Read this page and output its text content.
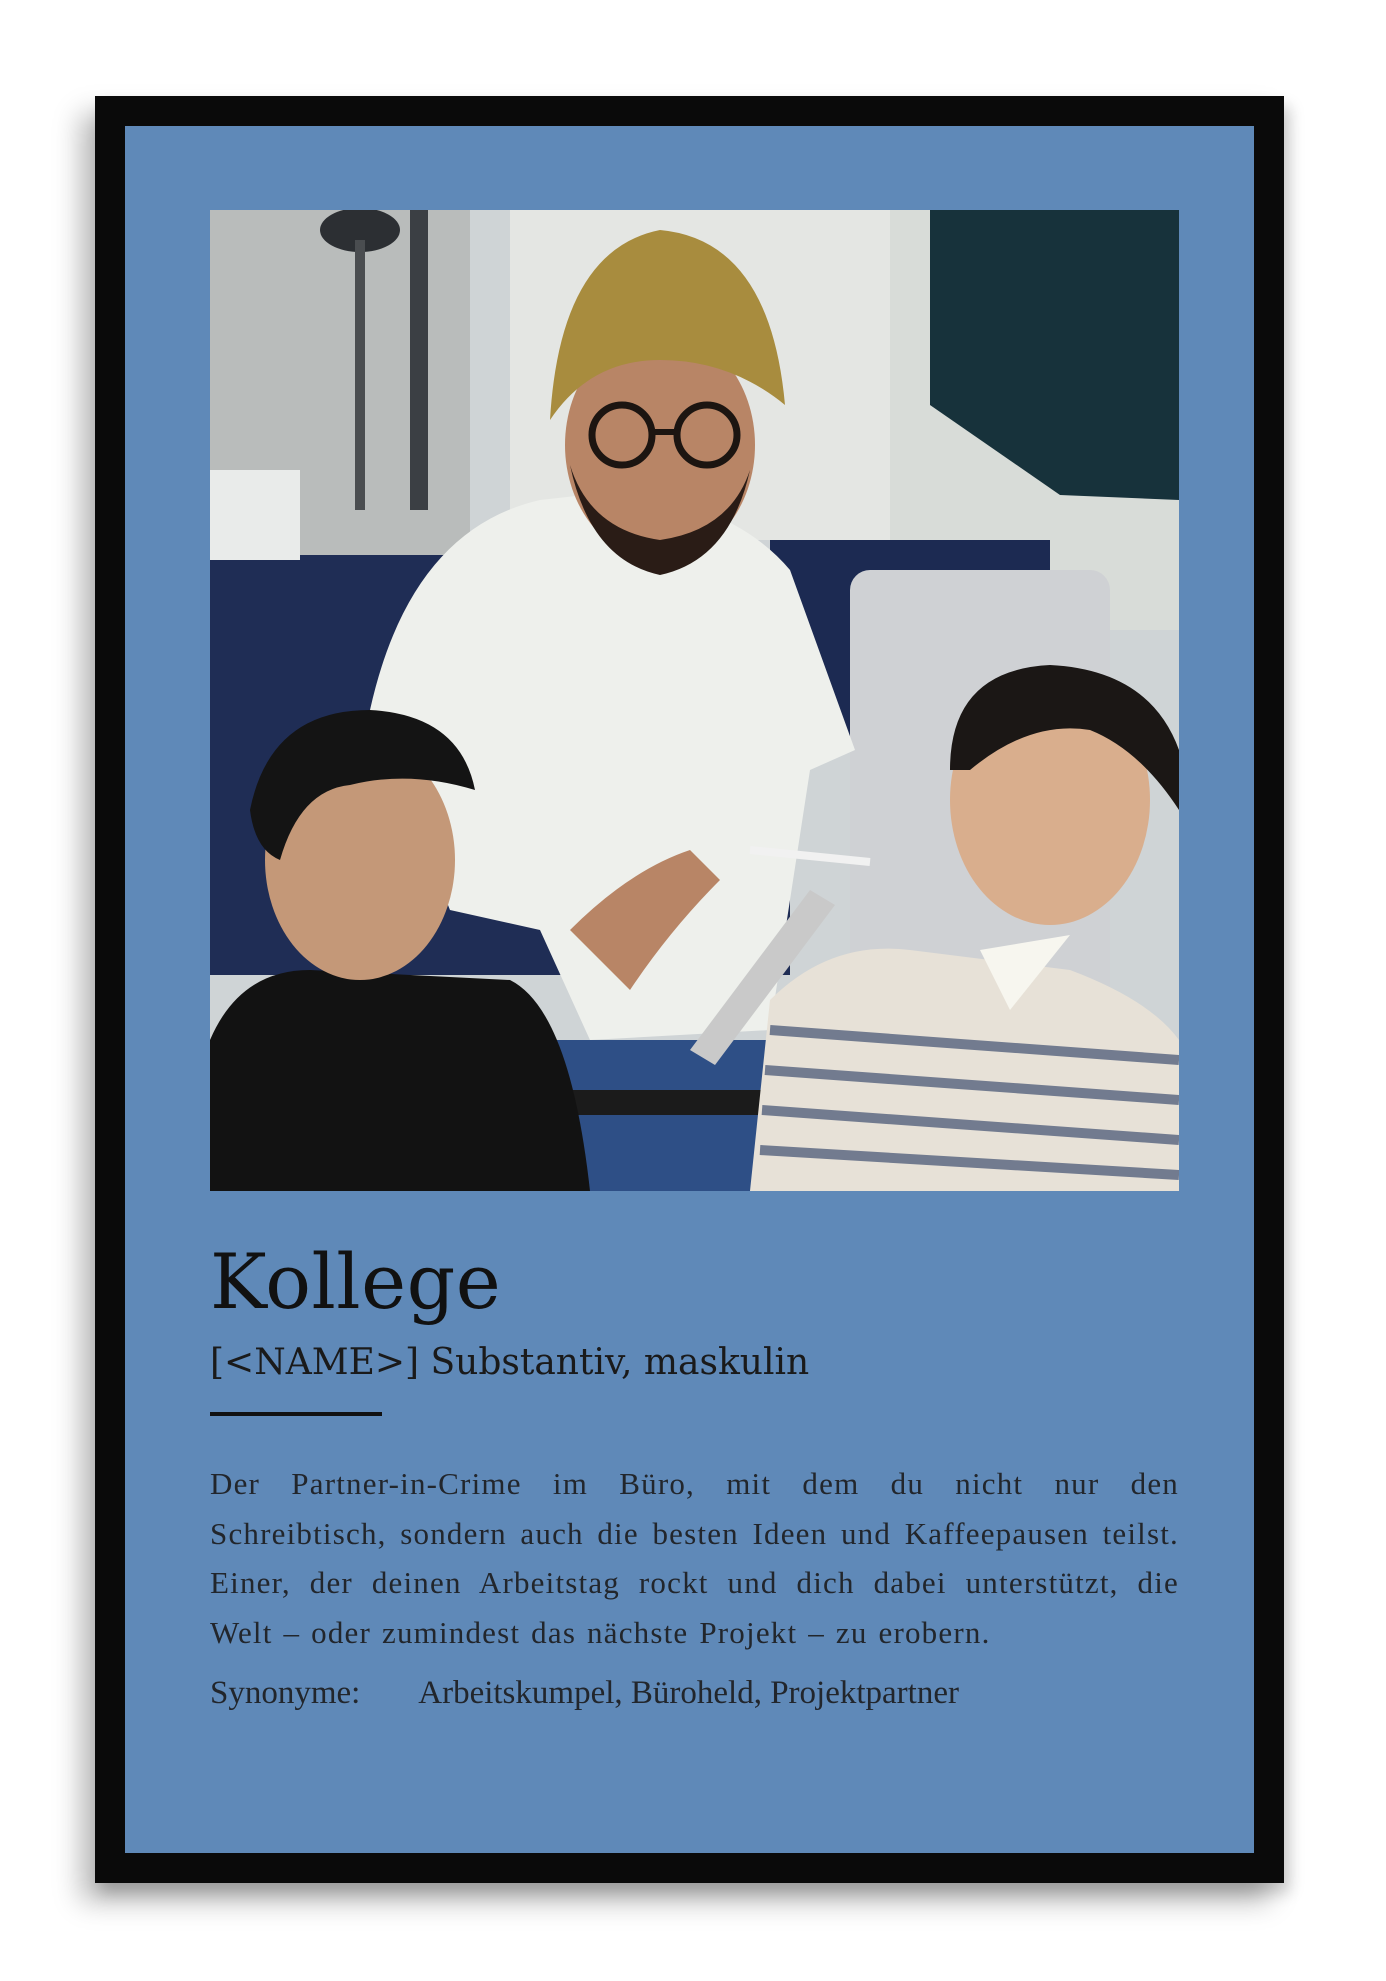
Kollege
[<NAME>] Substantiv, maskulin
Der Partner-in-Crime im Büro, mit dem du nicht nur den Schreibtisch, sondern auch die besten Ideen und Kaffeepausen teilst. Einer, der deinen Arbeitstag rockt und dich dabei unterstützt, die Welt – oder zumindest das nächste Projekt – zu erobern.
Synonyme: Arbeitskumpel, Büroheld, Projektpartner
